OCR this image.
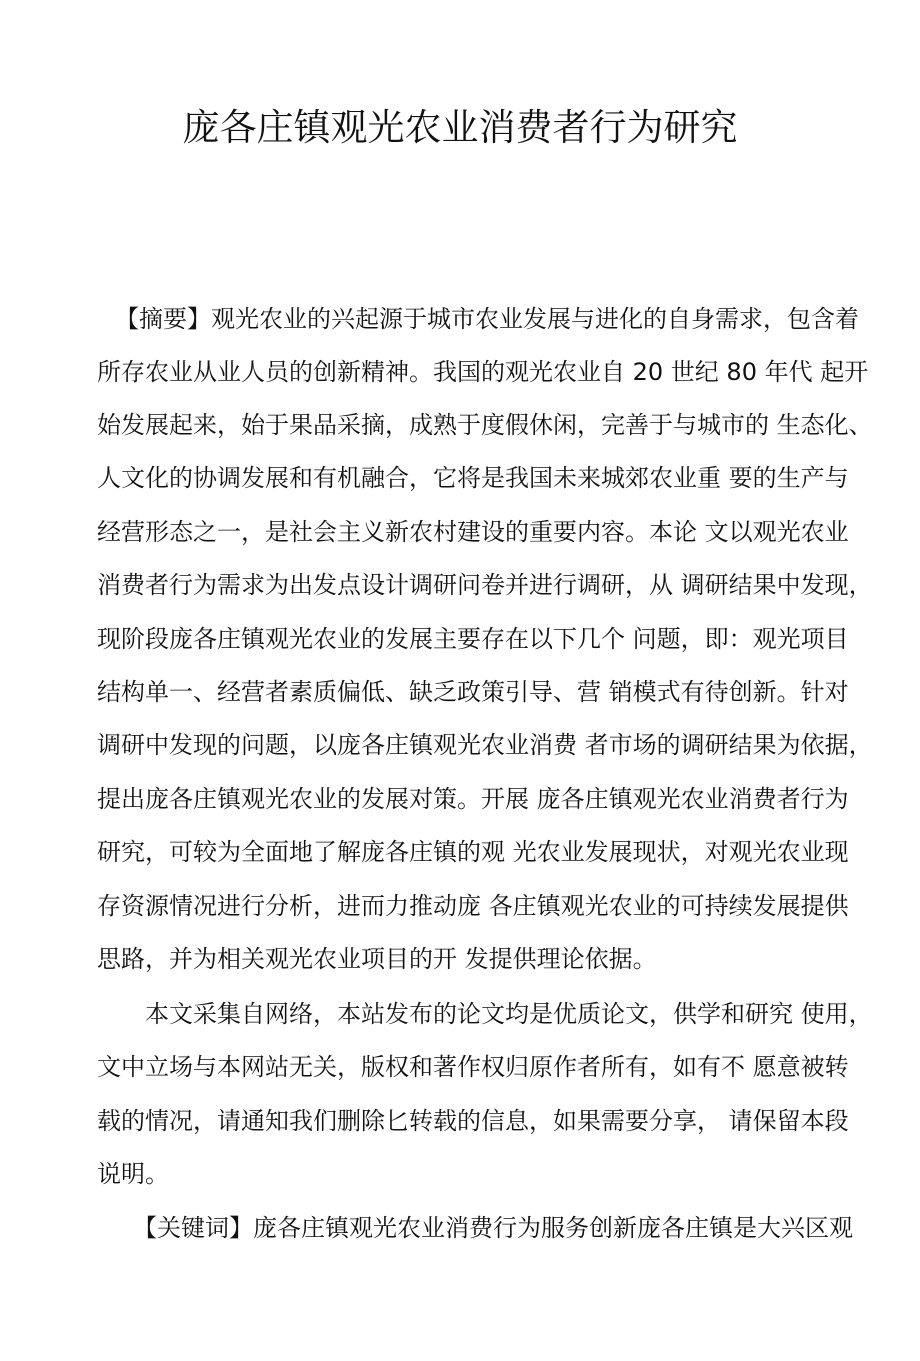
庞各庄镇观光农业消费者行为研究
【摘要】观光农业的兴起源于城市农业发展与进化的自身需求，包含着
所存农业从业人员的创新精神。我国的观光农业自 20 世纪 80 年代 起开
始发展起来，始于果品采摘，成熟于度假休闲，完善于与城市的 生态化、
人文化的协调发展和有机融合，它将是我国未来城郊农业重 要的生产与
经营形态之一，是社会主义新农村建设的重要内容。本论 文以观光农业
消费者行为需求为出发点设计调研问卷并进行调研，从 调研结果中发现，
现阶段庞各庄镇观光农业的发展主要存在以下几个 问题，即：观光项目
结构单一、经营者素质偏低、缺乏政策引导、营 销模式有待创新。针对
调研中发现的问题，以庞各庄镇观光农业消费 者市场的调研结果为依据，
提出庞各庄镇观光农业的发展对策。开展 庞各庄镇观光农业消费者行为
研究，可较为全面地了解庞各庄镇的观 光农业发展现状，对观光农业现
存资源情况进行分析，进而力推动庞 各庄镇观光农业的可持续发展提供
思路，并为相关观光农业项目的开 发提供理论依据。
本文采集自网络，本站发布的论文均是优质论文，供学和研究 使用，
文中立场与本网站无关，版权和著作权归原作者所有，如有不 愿意被转
载的情况，请通知我们删除匕转载的信息，如果需要分享， 请保留本段
说明。
【关键词】庞各庄镇观光农业消费行为服务创新庞各庄镇是大兴区观
